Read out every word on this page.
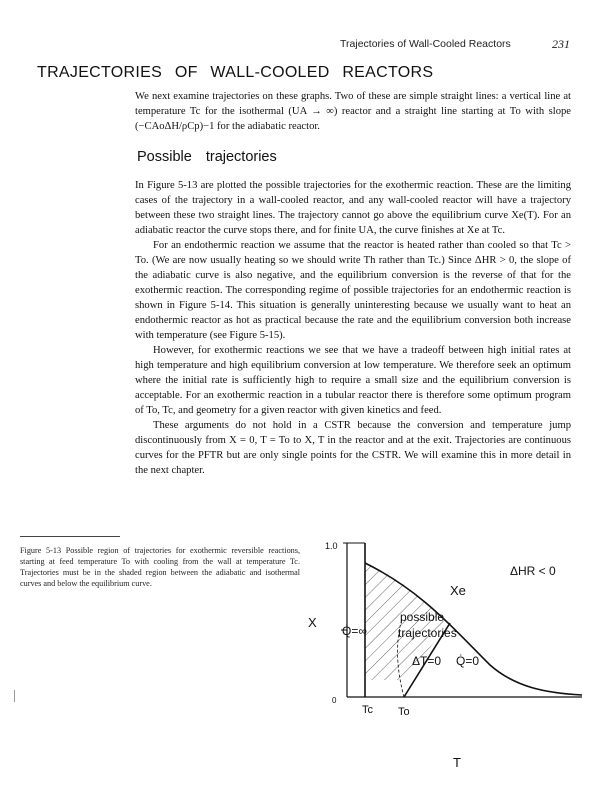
Trajectories of Wall-Cooled Reactors	231
TRAJECTORIES OF WALL-COOLED REACTORS

We next examine trajectories on these graphs. Two of these are simple straight lines: a vertical line at temperature Tc for the isothermal (UA → ∞) reactor and a straight line starting at To with slope (−CAoΔH/ρCp)−1 for the adiabatic reactor.

Possible trajectories

In Figure 5-13 are plotted the possible trajectories for the exothermic reaction. These are the limiting cases of the trajectory in a wall-cooled reactor, and any wall-cooled reactor will have a trajectory between these two straight lines. The trajectory cannot go above the equilibrium curve Xe(T). For an adiabatic reactor the curve stops there, and for finite UA, the curve finishes at Xe at Tc.

For an endothermic reaction we assume that the reactor is heated rather than cooled so that Tc > To. (We are now usually heating so we should write Th rather than Tc.) Since ΔHR > 0, the slope of the adiabatic curve is also negative, and the equilibrium conversion is the reverse of that for the exothermic reaction. The corresponding regime of possible trajectories for an endothermic reaction is shown in Figure 5-14. This situation is generally uninteresting because we usually want to heat an endothermic reactor as hot as practical because the rate and the equilibrium conversion both increase with temperature (see Figure 5-15).

However, for exothermic reactions we see that we have a tradeoff between high initial rates at high temperature and high equilibrium conversion at low temperature. We therefore seek an optimum where the initial rate is sufficiently high to require a small size and the equilibrium conversion is acceptable. For an exothermic reaction in a tubular reactor there is therefore some optimum program of To, Tc, and geometry for a given reactor with given kinetics and feed.

These arguments do not hold in a CSTR because the conversion and temperature jump discontinuously from X = 0, T = To to X, T in the reactor and at the exit. Trajectories are continuous curves for the PFTR but are only single points for the CSTR. We will examine this in more detail in the next chapter.

Figure 5-13 Possible region of trajectories for exothermic reversible reactions, starting at feed temperature To with cooling from the wall at temperature Tc. Trajectories must be in the shaded region between the adiabatic and isothermal curves and below the equilibrium curve.
1.0
0
X
T
ΔHR < 0
Xe
Q̇=∞
possible
trajectories
ΔT=0 Q̇=0
Tc To
